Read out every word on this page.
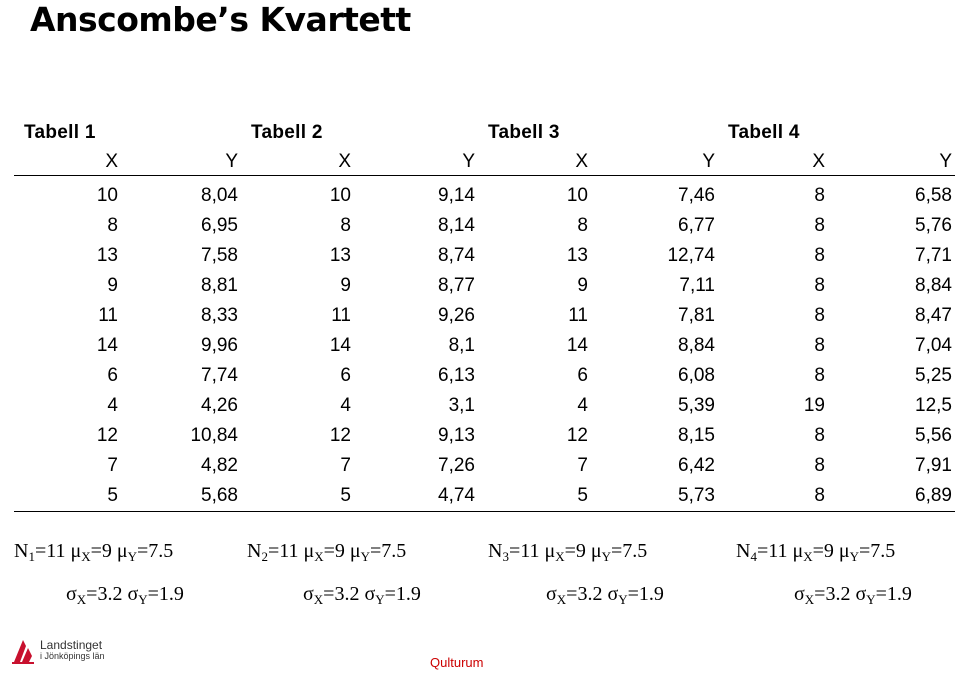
Anscombe’s Kvartett
Tabell 1		Tabell 2		Tabell 3		Tabell 4	
X	Y	X	Y	X	Y	X	Y

10	8,04	10	9,14	10	7,46	8	6,58
8	6,95	8	8,14	8	6,77	8	5,76
13	7,58	13	8,74	13	12,74	8	7,71
9	8,81	9	8,77	9	7,11	8	8,84
11	8,33	11	9,26	11	7,81	8	8,47
14	9,96	14	8,1	14	8,84	8	7,04
6	7,74	6	6,13	6	6,08	8	5,25
4	4,26	4	3,1	4	5,39	19	12,5
12	10,84	12	9,13	12	8,15	8	5,56
7	4,82	7	7,26	7	6,42	8	7,91
5	5,68	5	4,74	5	5,73	8	6,89
$N_1=11$ $\mu_X=9$ $\mu_Y=7.5$	$N_2=11$ $\mu_X=9$ $\mu_Y=7.5$	$N_3=11$ $\mu_X=9$ $\mu_Y=7.5$	$N_4=11$ $\mu_X=9$ $\mu_Y=7.5$
$\sigma_X=3.2$ $\sigma_Y=1.9$	$\sigma_X=3.2$ $\sigma_Y=1.9$	$\sigma_X=3.2$ $\sigma_Y=1.9$	$\sigma_X=3.2$ $\sigma_Y=1.9$
Landstinget
i Jönköpings län	Qulturum
